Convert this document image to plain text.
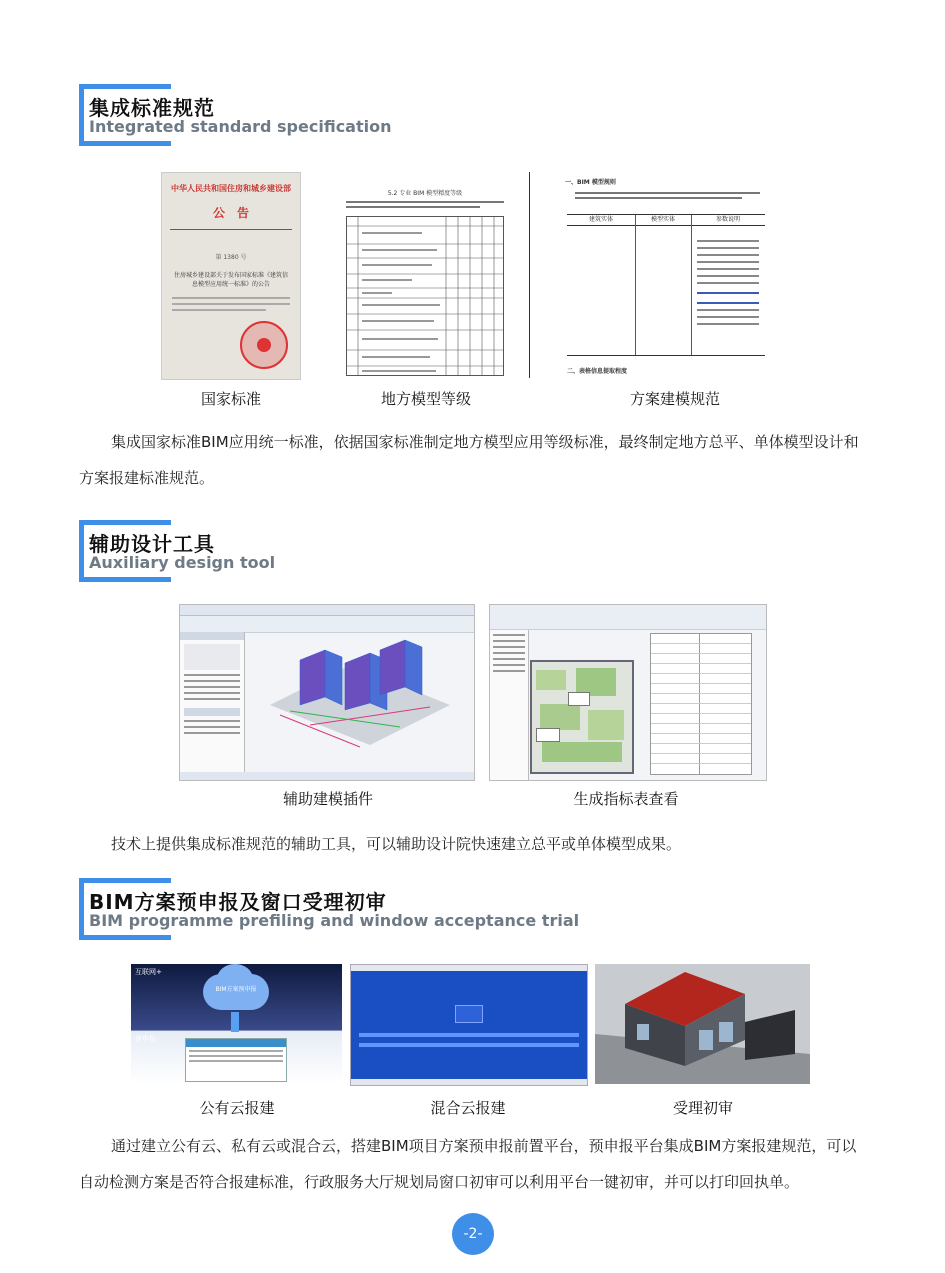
集成标准规范
Integrated standard specification
中华人民共和国住房和城乡建设部
公　告
第 1380 号
住房城乡建设部关于发布国家标准《建筑信息模型应用统一标准》的公告
5.2 专业 BIM 模型精度等级
一、BIM 模型规则
建筑实体	模型实体	参数说明
二、表格信息提取程度
国家标准	地方模型等级	方案建模规范
集成国家标准BIM应用统一标准，依据国家标准制定地方模型应用等级标准，最终制定地方总平、单体模型设计和方案报建标准规范。
辅助设计工具
Auxiliary design tool
辅助建模插件	生成指标表查看
技术上提供集成标准规范的辅助工具，可以辅助设计院快速建立总平或单体模型成果。
BIM方案预申报及窗口受理初审
BIM programme prefiling and window acceptance trial
互联网+
BIM方案预申报
预申报
公有云报建	混合云报建	受理初审
通过建立公有云、私有云或混合云，搭建BIM项目方案预申报前置平台，预申报平台集成BIM方案报建规范，可以自动检测方案是否符合报建标准，行政服务大厅规划局窗口初审可以利用平台一键初审，并可以打印回执单。
-2-
